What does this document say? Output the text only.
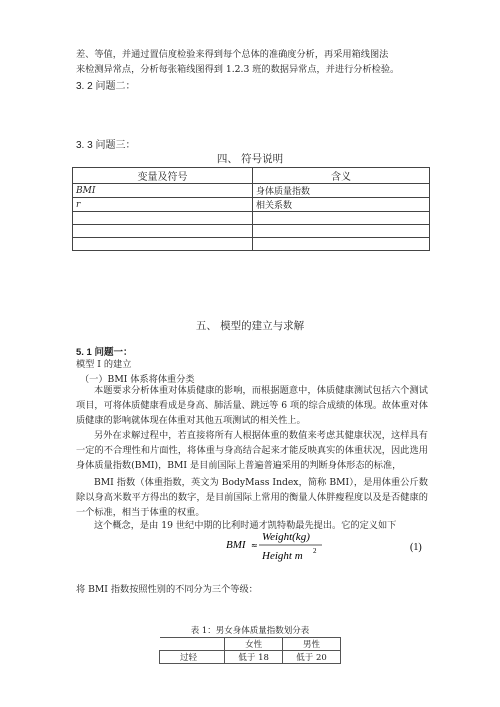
差、等值，并通过置信度检验来得到每个总体的准确度分析，再采用箱线图法
来检测异常点，分析每张箱线图得到 1.2.3 班的数据异常点，并进行分析检验。
3. 2 问题二：
3. 3 问题三：
四、 符号说明
变量及符号	含义
BMI	身体质量指数
r	相关系数

五、 模型的建立与求解
5. 1 问题一：
模型 I 的建立
（一）BMI 体系将体重分类
本题要求分析体重对体质健康的影响，而根据题意中，体质健康测试包括六个测试项目，可将体质健康看成是身高、肺活量、跳远等 6 项的综合成绩的体现。故体重对体质健康的影响就体现在体重对其他五项测试的相关性上。
另外在求解过程中，若直接将所有人根据体重的数值来考虑其健康状况，这样具有一定的不合理性和片面性，将体重与身高结合起来才能反映真实的体重状况，因此选用身体质量指数(BMI)，BMI 是目前国际上普遍普遍采用的判断身体形态的标准，
BMI 指数（体重指数，英文为 BodyMass Index，简称 BMI），是用体重公斤数除以身高米数平方得出的数字，是目前国际上常用的衡量人体胖瘦程度以及是否健康的一个标准，相当于体重的权重。
这个概念，是由 19 世纪中期的比利时通才凯特勒最先提出。它的定义如下
BMI ≈
Weight(kg)
Height m 2	(1)
将 BMI 指数按照性别的不同分为三个等级：
表 1：男女身体质量指数划分表
	女性	男性
过轻	低于 18	低于 20
